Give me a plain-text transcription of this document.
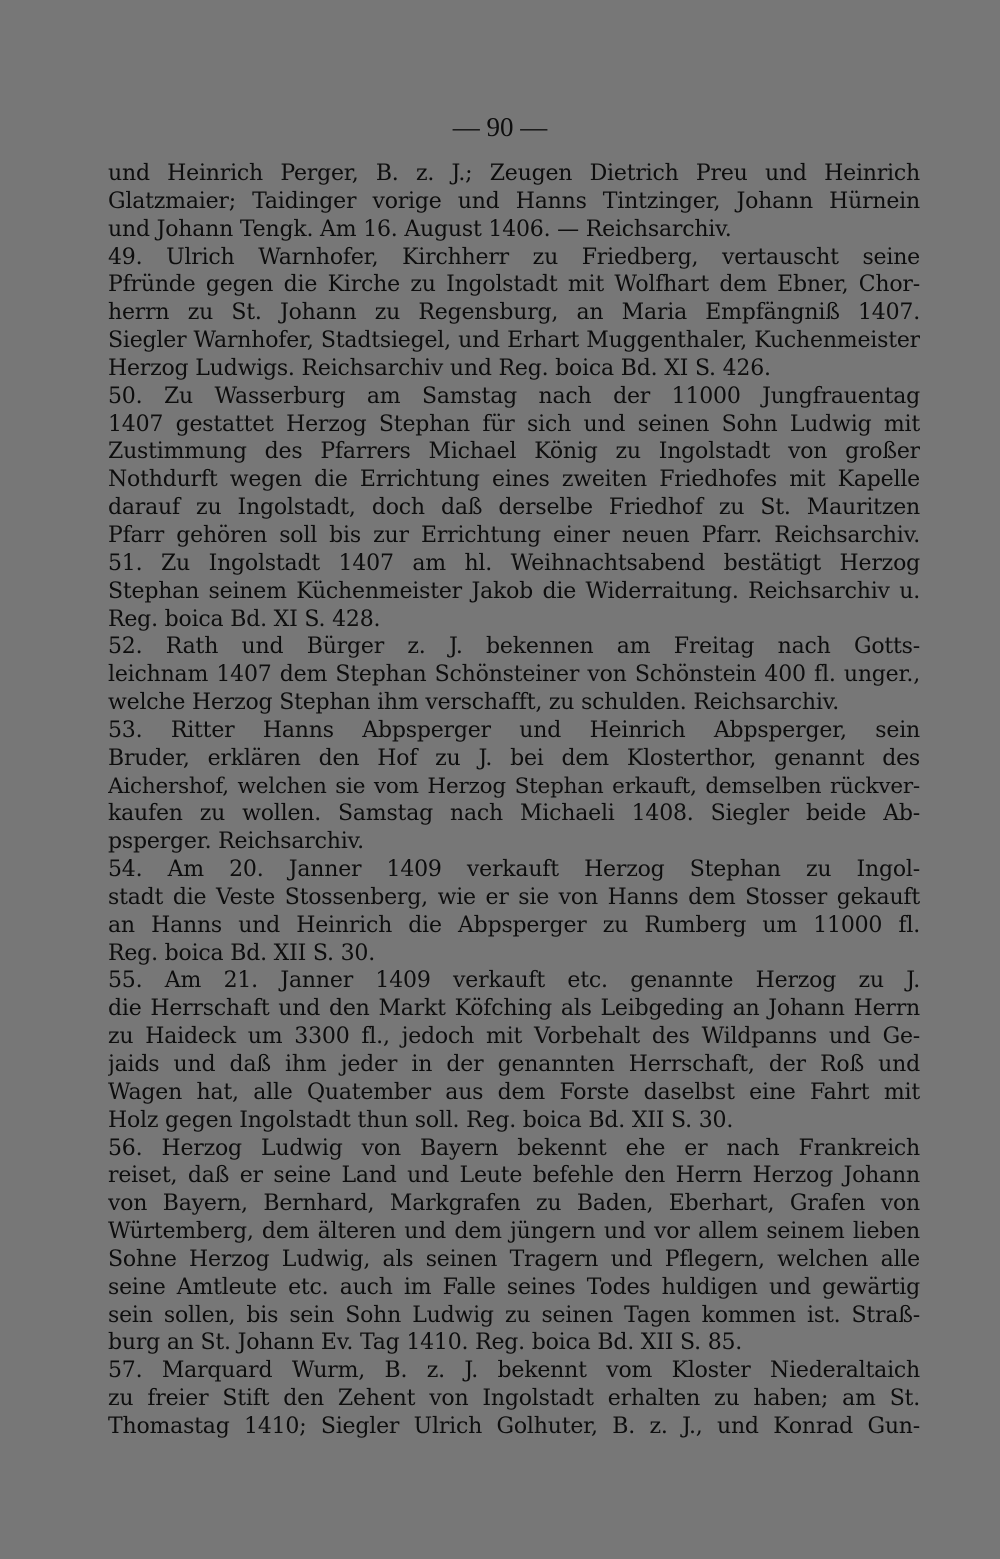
— 90 —
und Heinrich Perger, B. z. J.; Zeugen Dietrich Preu und Heinrich
Glatzmaier; Taidinger vorige und Hanns Tintzinger, Johann Hürnein
und Johann Tengk. Am 16. August 1406. — Reichsarchiv.
49. Ulrich Warnhofer, Kirchherr zu Friedberg, vertauscht seine
Pfründe gegen die Kirche zu Ingolstadt mit Wolfhart dem Ebner, Chor-
herrn zu St. Johann zu Regensburg, an Maria Empfängniß 1407.
Siegler Warnhofer, Stadtsiegel, und Erhart Muggenthaler, Kuchenmeister
Herzog Ludwigs. Reichsarchiv und Reg. boica Bd. XI S. 426.
50. Zu Wasserburg am Samstag nach der 11000 Jungfrauentag
1407 gestattet Herzog Stephan für sich und seinen Sohn Ludwig mit
Zustimmung des Pfarrers Michael König zu Ingolstadt von großer
Nothdurft wegen die Errichtung eines zweiten Friedhofes mit Kapelle
darauf zu Ingolstadt, doch daß derselbe Friedhof zu St. Mauritzen
Pfarr gehören soll bis zur Errichtung einer neuen Pfarr. Reichsarchiv.
51. Zu Ingolstadt 1407 am hl. Weihnachtsabend bestätigt Herzog
Stephan seinem Küchenmeister Jakob die Widerraitung. Reichsarchiv u.
Reg. boica Bd. XI S. 428.
52. Rath und Bürger z. J. bekennen am Freitag nach Gotts-
leichnam 1407 dem Stephan Schönsteiner von Schönstein 400 fl. unger.,
welche Herzog Stephan ihm verschafft, zu schulden. Reichsarchiv.
53. Ritter Hanns Abpsperger und Heinrich Abpsperger, sein
Bruder, erklären den Hof zu J. bei dem Klosterthor, genannt des
Aichershof, welchen sie vom Herzog Stephan erkauft, demselben rückver-
kaufen zu wollen. Samstag nach Michaeli 1408. Siegler beide Ab-
psperger. Reichsarchiv.
54. Am 20. Janner 1409 verkauft Herzog Stephan zu Ingol-
stadt die Veste Stossenberg, wie er sie von Hanns dem Stosser gekauft
an Hanns und Heinrich die Abpsperger zu Rumberg um 11000 fl.
Reg. boica Bd. XII S. 30.
55. Am 21. Janner 1409 verkauft etc. genannte Herzog zu J.
die Herrschaft und den Markt Köfching als Leibgeding an Johann Herrn
zu Haideck um 3300 fl., jedoch mit Vorbehalt des Wildpanns und Ge-
jaids und daß ihm jeder in der genannten Herrschaft, der Roß und
Wagen hat, alle Quatember aus dem Forste daselbst eine Fahrt mit
Holz gegen Ingolstadt thun soll. Reg. boica Bd. XII S. 30.
56. Herzog Ludwig von Bayern bekennt ehe er nach Frankreich
reiset, daß er seine Land und Leute befehle den Herrn Herzog Johann
von Bayern, Bernhard, Markgrafen zu Baden, Eberhart, Grafen von
Würtemberg, dem älteren und dem jüngern und vor allem seinem lieben
Sohne Herzog Ludwig, als seinen Tragern und Pflegern, welchen alle
seine Amtleute etc. auch im Falle seines Todes huldigen und gewärtig
sein sollen, bis sein Sohn Ludwig zu seinen Tagen kommen ist. Straß-
burg an St. Johann Ev. Tag 1410. Reg. boica Bd. XII S. 85.
57. Marquard Wurm, B. z. J. bekennt vom Kloster Niederaltaich
zu freier Stift den Zehent von Ingolstadt erhalten zu haben; am St.
Thomastag 1410; Siegler Ulrich Golhuter, B. z. J., und Konrad Gun-
